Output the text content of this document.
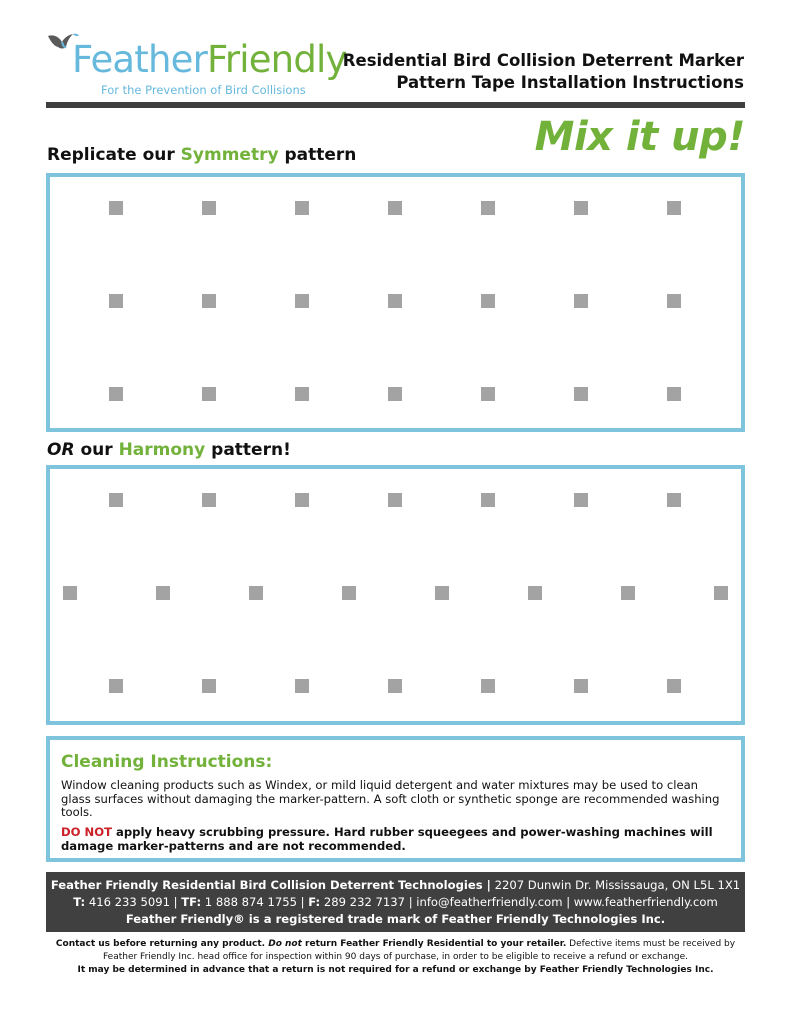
FeatherFriendly
For the Prevention of Bird Collisions
Residential Bird Collision Deterrent Marker
Pattern Tape Installation Instructions
Mix it up!
Replicate our Symmetry pattern
OR our Harmony pattern!
Cleaning Instructions:
Window cleaning products such as Windex, or mild liquid detergent and water mixtures may be used to clean glass surfaces without damaging the marker-pattern. A soft cloth or synthetic sponge are recommended washing tools.
DO NOT apply heavy scrubbing pressure. Hard rubber squeegees and power-washing machines will damage marker-patterns and are not recommended.
Feather Friendly Residential Bird Collision Deterrent Technologies | 2207 Dunwin Dr. Mississauga, ON L5L 1X1
T: 416 233 5091 | TF: 1 888 874 1755 | F: 289 232 7137 | info@featherfriendly.com | www.featherfriendly.com
Feather Friendly® is a registered trade mark of Feather Friendly Technologies Inc.
Contact us before returning any product. Do not return Feather Friendly Residential to your retailer. Defective items must be received by Feather Friendly Inc. head office for inspection within 90 days of purchase, in order to be eligible to receive a refund or exchange.
It may be determined in advance that a return is not required for a refund or exchange by Feather Friendly Technologies Inc.
